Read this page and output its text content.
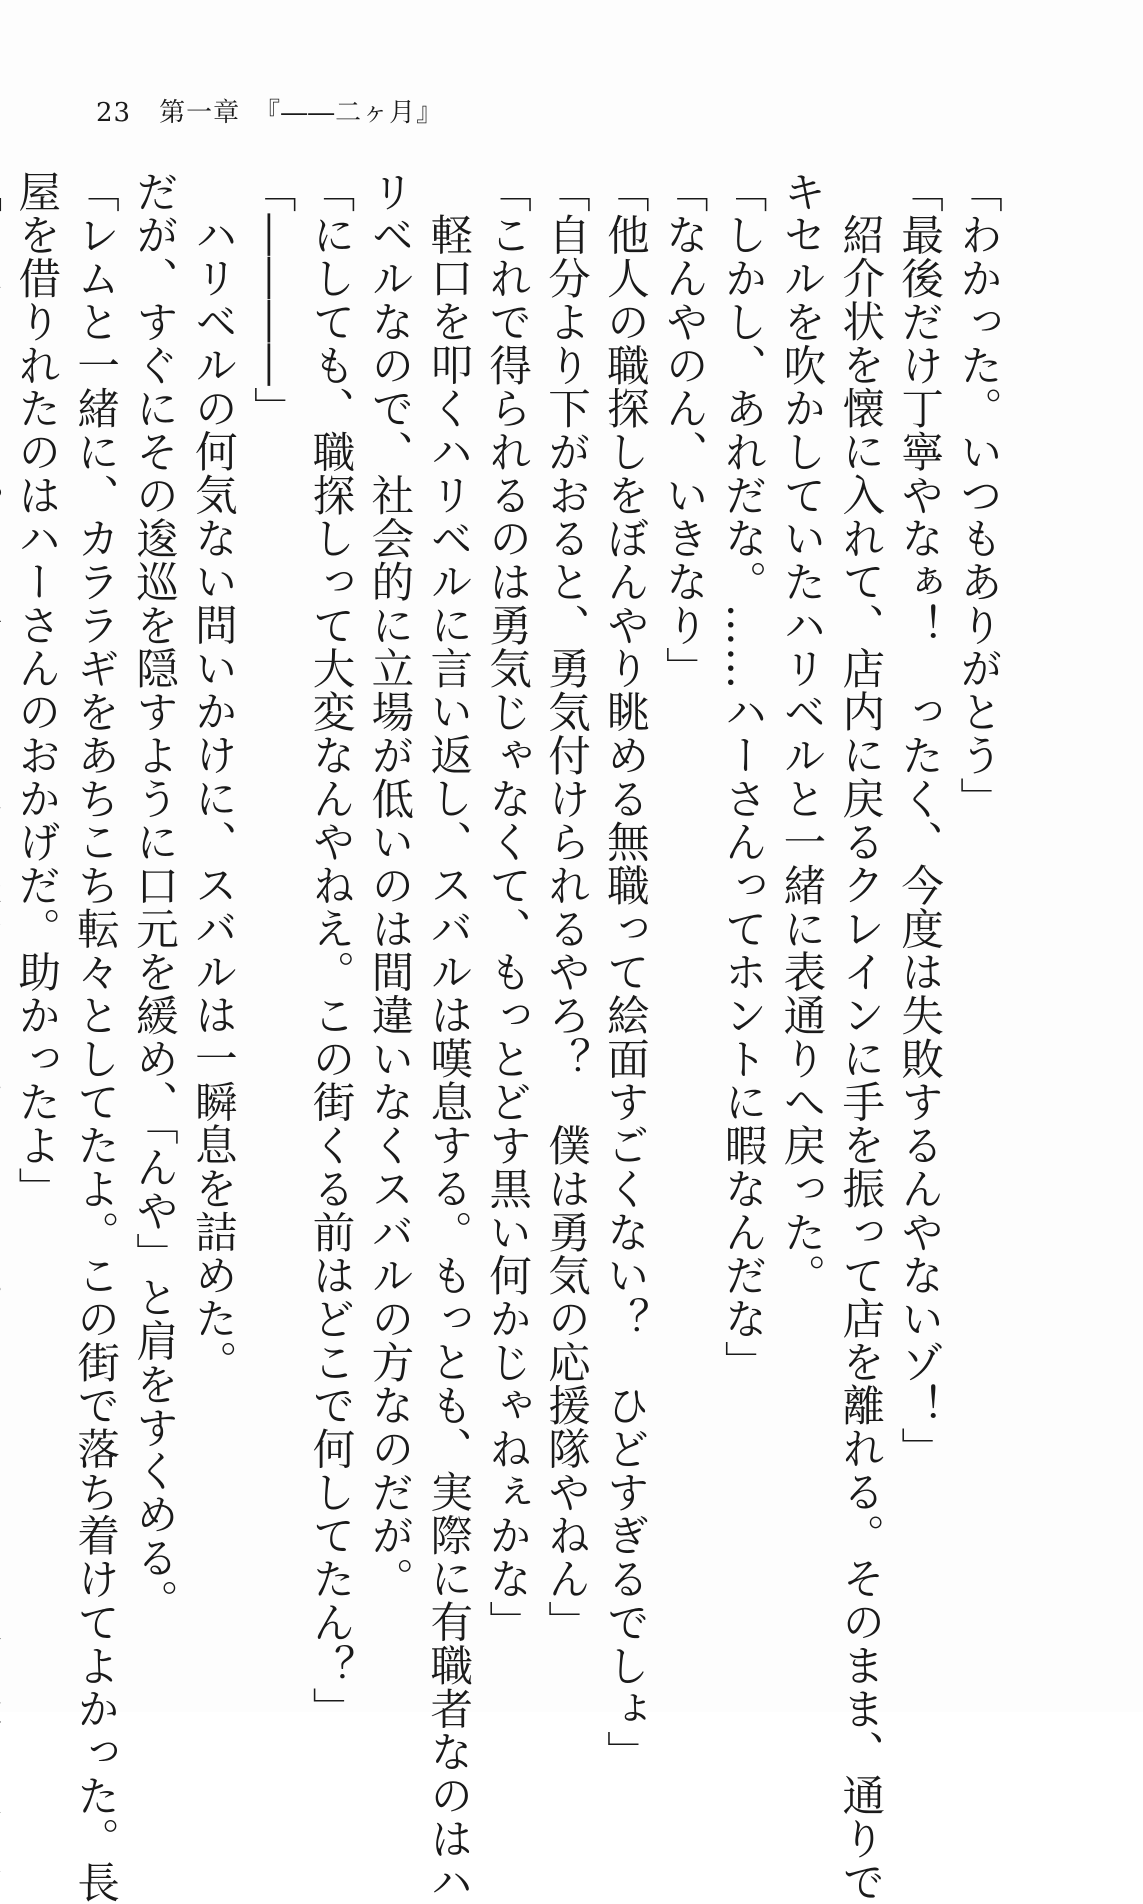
23 第一章　 『――二ヶ月』
「わかった。いつもありがとう」
「最後だけ丁寧やなぁ！　ったく、今度は失敗するんやないゾ！」
紹介状を懐に入れて、店内に戻るクレインに手を振って店を離れる。そのまま、通りで
キセルを吹かしていたハリベルと一緒に表通りへ戻った。
「しかし、あれだな。……ハーさんってホントに暇なんだな」
「なんやのん、いきなり」
「他人の職探しをぼんやり眺める無職って絵面すごくない？　ひどすぎるでしょ」
「自分より下がおると、勇気付けられるやろ？　僕は勇気の応援隊やねん」
「これで得られるのは勇気じゃなくて、もっとどす黒い何かじゃねぇかな」
軽口を叩くハリベルに言い返し、スバルは嘆息する。もっとも、実際に有職者なのはハ
リベルなので、社会的に立場が低いのは間違いなくスバルの方なのだが。
「にしても、職探しって大変なんやねえ。この街くる前はどこで何してたん？」
「――――」
ハリベルの何気ない問いかけに、スバルは一瞬息を詰めた。
だが、すぐにその逡巡を隠すように口元を緩め、「んや」と肩をすくめる。
「レムと一緒に、カララギをあちこち転々としてたよ。この街で落ち着けてよかった。長
屋を借りれたのはハーさんのおかげだ。助かったよ」
